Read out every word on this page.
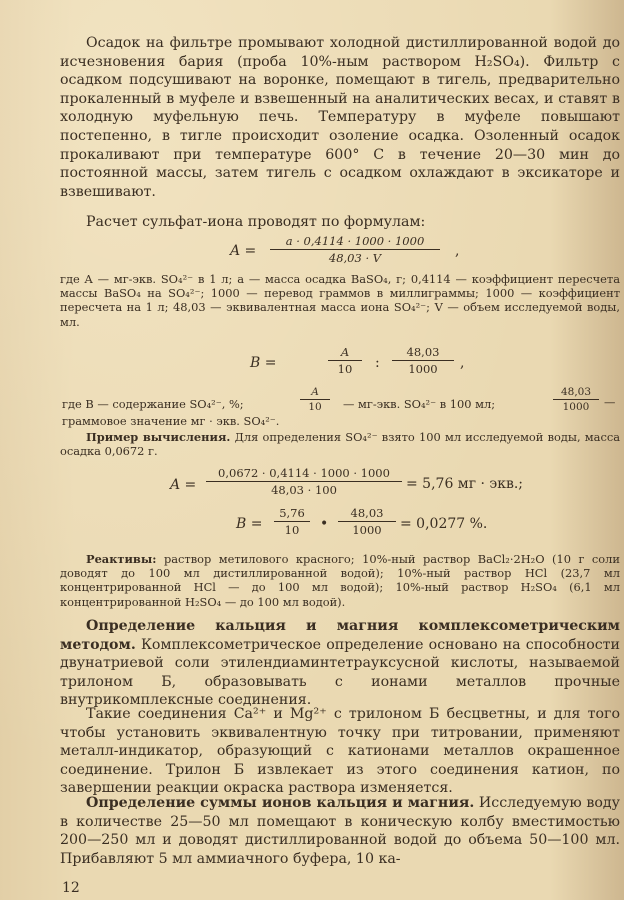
Осадок на фильтре промывают холодной дистиллированной водой до исчезновения бария (проба 10%-ным раствором H₂SO₄). Фильтр с осадком подсушивают на воронке, помещают в тигель, предварительно прокаленный в муфеле и взвешенный на аналитических весах, и ставят в холодную муфельную печь. Температуру в муфеле повышают постепенно, в тигле происходит озоление осадка. Озоленный осадок прокаливают при температуре 600° C в течение 20—30 мин до постоянной массы, затем тигель с осадком охлаждают в эксикаторе и взвешивают.

Расчет сульфат-иона проводят по формулам:

$A = \frac{a \cdot 0,4114 \cdot 1000 \cdot 1000}{48,03 \cdot V}$ ,

где A — мг-экв. SO₄²⁻ в 1 л; a — масса осадка BaSO₄, г; 0,4114 — коэффициент пересчета массы BaSO₄ на SO₄²⁻; 1000 — перевод граммов в миллиграммы; 1000 — коэффициент пересчета на 1 л; 48,03 — эквивалентная масса иона SO₄²⁻; V — объем исследуемой воды, мл.

B =	$\frac{A}{10}$ : $\frac{48,03}{1000}$ ,
где B — содержание SO₄²⁻, %;	$\frac{A}{10}$ — мг-экв. SO₄²⁻ в 100 мл;	$\frac{48,03}{1000}$ —
граммовое значение мг · экв. SO₄²⁻.

Пример вычисления. Для определения SO₄²⁻ взято 100 мл исследуемой воды, масса осадка 0,0672 г.

$A = \frac{0,0672 \cdot 0,4114 \cdot 1000 \cdot 1000}{48,03 \cdot 100} = 5,76$ мг · экв.;
$B = \frac{5,76}{10}$ • $\frac{48,03}{1000} = 0,0277$ %.

Реактивы: раствор метилового красного; 10%-ный раствор BaCl₂·2H₂O (10 г соли доводят до 100 мл дистиллированной водой); 10%-ный раствор HCl (23,7 мл концентрированной HCl — до 100 мл водой); 10%-ный раствор H₂SO₄ (6,1 мл концентрированной H₂SO₄ — до 100 мл водой).

Определение кальция и магния комплексометрическим методом. Комплексометрическое определение основано на способности двунатриевой соли этилендиаминтетрауксусной кислоты, называемой трилоном Б, образовывать с ионами металлов прочные внутрикомплексные соединения.

Такие соединения Ca²⁺ и Mg²⁺ с трилоном Б бесцветны, и для того чтобы установить эквивалентную точку при титровании, применяют металл-индикатор, образующий с катионами металлов окрашенное соединение. Трилон Б извлекает из этого соединения катион, по завершении реакции окраска раствора изменяется.

Определение суммы ионов кальция и магния. Исследуемую воду в количестве 25—50 мл помещают в коническую колбу вместимостью 200—250 мл и доводят дистиллированной водой до объема 50—100 мл. Прибавляют 5 мл аммиачного буфера, 10 ка-

12
